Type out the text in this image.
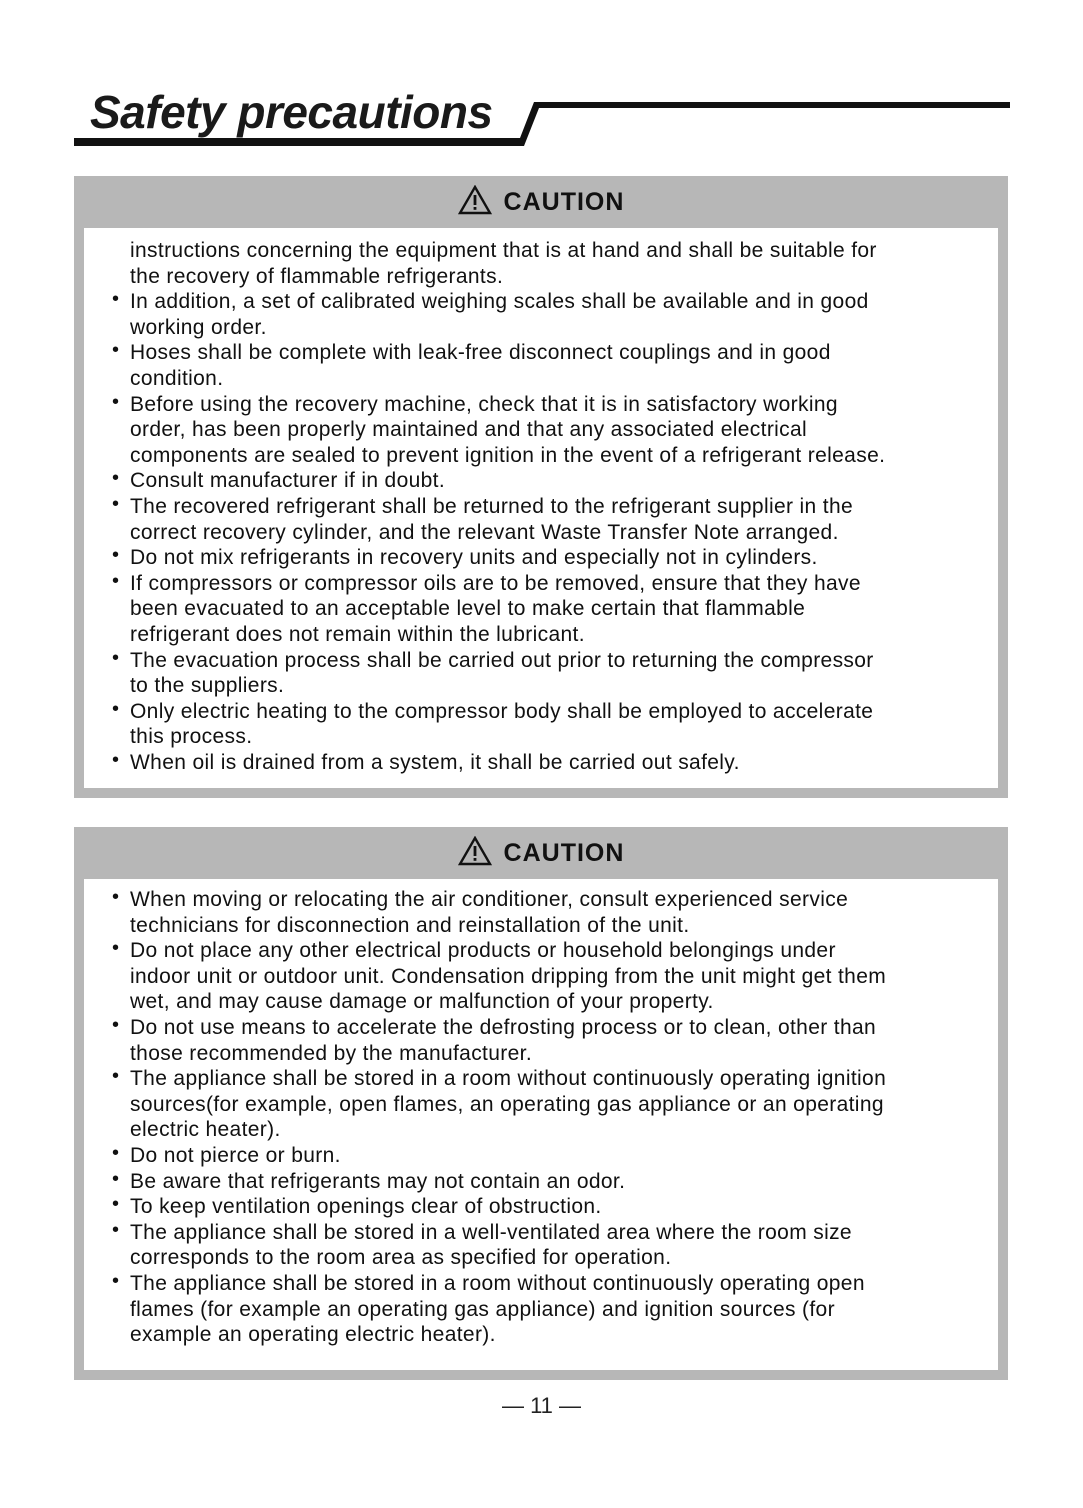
Safety precautions
CAUTION
instructions concerning the equipment that is at hand and shall be suitable for
the recovery of flammable refrigerants.
• In addition, a set of calibrated weighing scales shall be available and in good
working order.
• Hoses shall be complete with leak-free disconnect couplings and in good
condition.
• Before using the recovery machine, check that it is in satisfactory working
order, has been properly maintained and that any associated electrical
components are sealed to prevent ignition in the event of a refrigerant release.
• Consult manufacturer if in doubt.
• The recovered refrigerant shall be returned to the refrigerant supplier in the
correct recovery cylinder, and the relevant Waste Transfer Note arranged.
• Do not mix refrigerants in recovery units and especially not in cylinders.
• If compressors or compressor oils are to be removed, ensure that they have
been evacuated to an acceptable level to make certain that flammable
refrigerant does not remain within the lubricant.
• The evacuation process shall be carried out prior to returning the compressor
to the suppliers.
• Only electric heating to the compressor body shall be employed to accelerate
this process.
• When oil is drained from a system, it shall be carried out safely.
CAUTION
• When moving or relocating the air conditioner, consult experienced service
technicians for disconnection and reinstallation of the unit.
• Do not place any other electrical products or household belongings under
indoor unit or outdoor unit. Condensation dripping from the unit might get them
wet, and may cause damage or malfunction of your property.
• Do not use means to accelerate the defrosting process or to clean, other than
those recommended by the manufacturer.
• The appliance shall be stored in a room without continuously operating ignition
sources(for example, open flames, an operating gas appliance or an operating
electric heater).
• Do not pierce or burn.
• Be aware that refrigerants may not contain an odor.
• To keep ventilation openings clear of obstruction.
• The appliance shall be stored in a well-ventilated area where the room size
corresponds to the room area as specified for operation.
• The appliance shall be stored in a room without continuously operating open
flames (for example an operating gas appliance) and ignition sources (for
example an operating electric heater).
— 11 —
